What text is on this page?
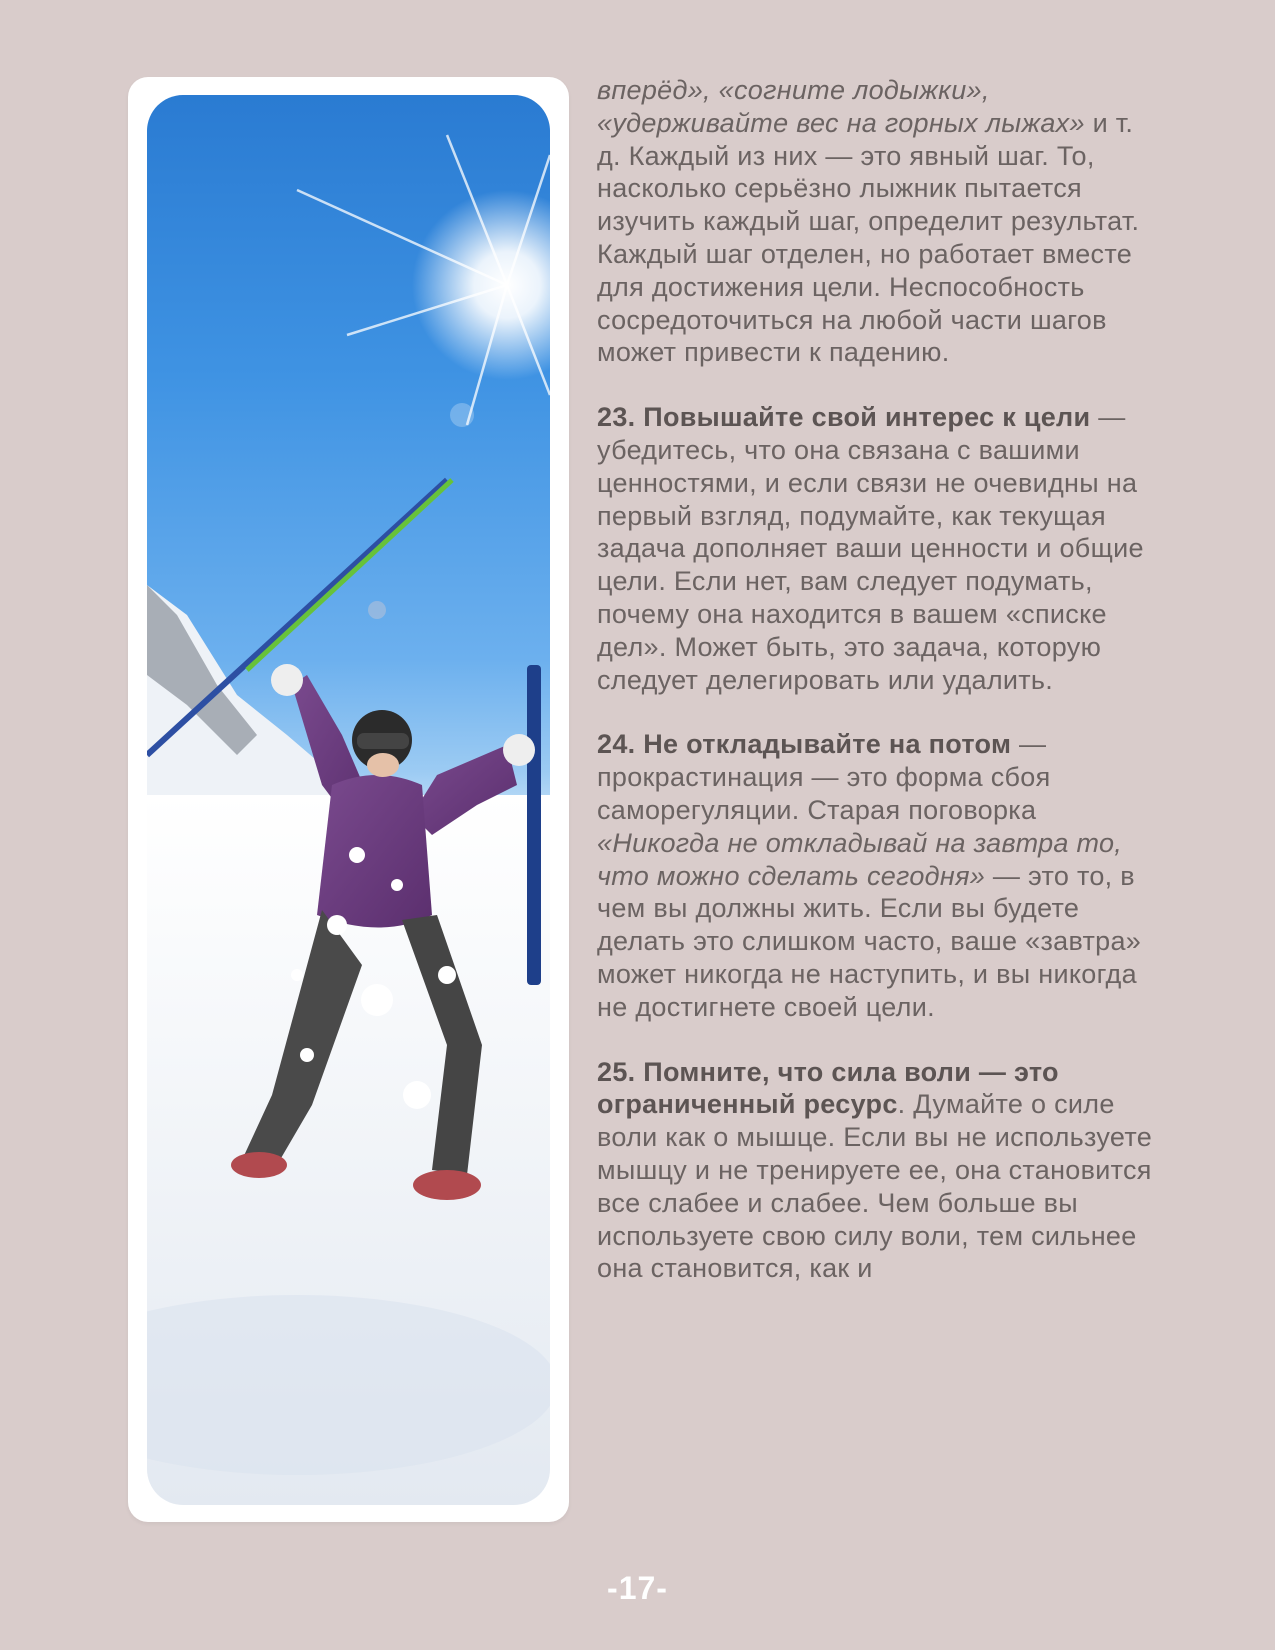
вперёд», «согните лодыжки», «удерживайте вес на горных лыжах» и т. д. Каждый из них — это явный шаг. То, насколько серьёзно лыжник пытается изучить каждый шаг, определит результат. Каждый шаг отделен, но работает вместе для достижения цели. Неспособность сосредоточиться на любой части шагов может привести к падению.

23. Повышайте свой интерес к цели — убедитесь, что она связана с вашими ценностями, и если связи не очевидны на первый взгляд, подумайте, как текущая задача дополняет ваши ценности и общие цели. Если нет, вам следует подумать, почему она находится в вашем «списке дел». Может быть, это задача, которую следует делегировать или удалить.

24. Не откладывайте на потом — прокрастинация — это форма сбоя саморегуляции. Старая поговорка «Никогда не откладывай на завтра то, что можно сделать сегодня» — это то, в чем вы должны жить. Если вы будете делать это слишком часто, ваше «завтра» может никогда не наступить, и вы никогда не достигнете своей цели.

25. Помните, что сила воли — это ограниченный ресурс. Думайте о силе воли как о мышце. Если вы не используете мышцу и не тренируете ее, она становится все слабее и слабее. Чем больше вы используете свою силу воли, тем сильнее она становится, как и

-17-
